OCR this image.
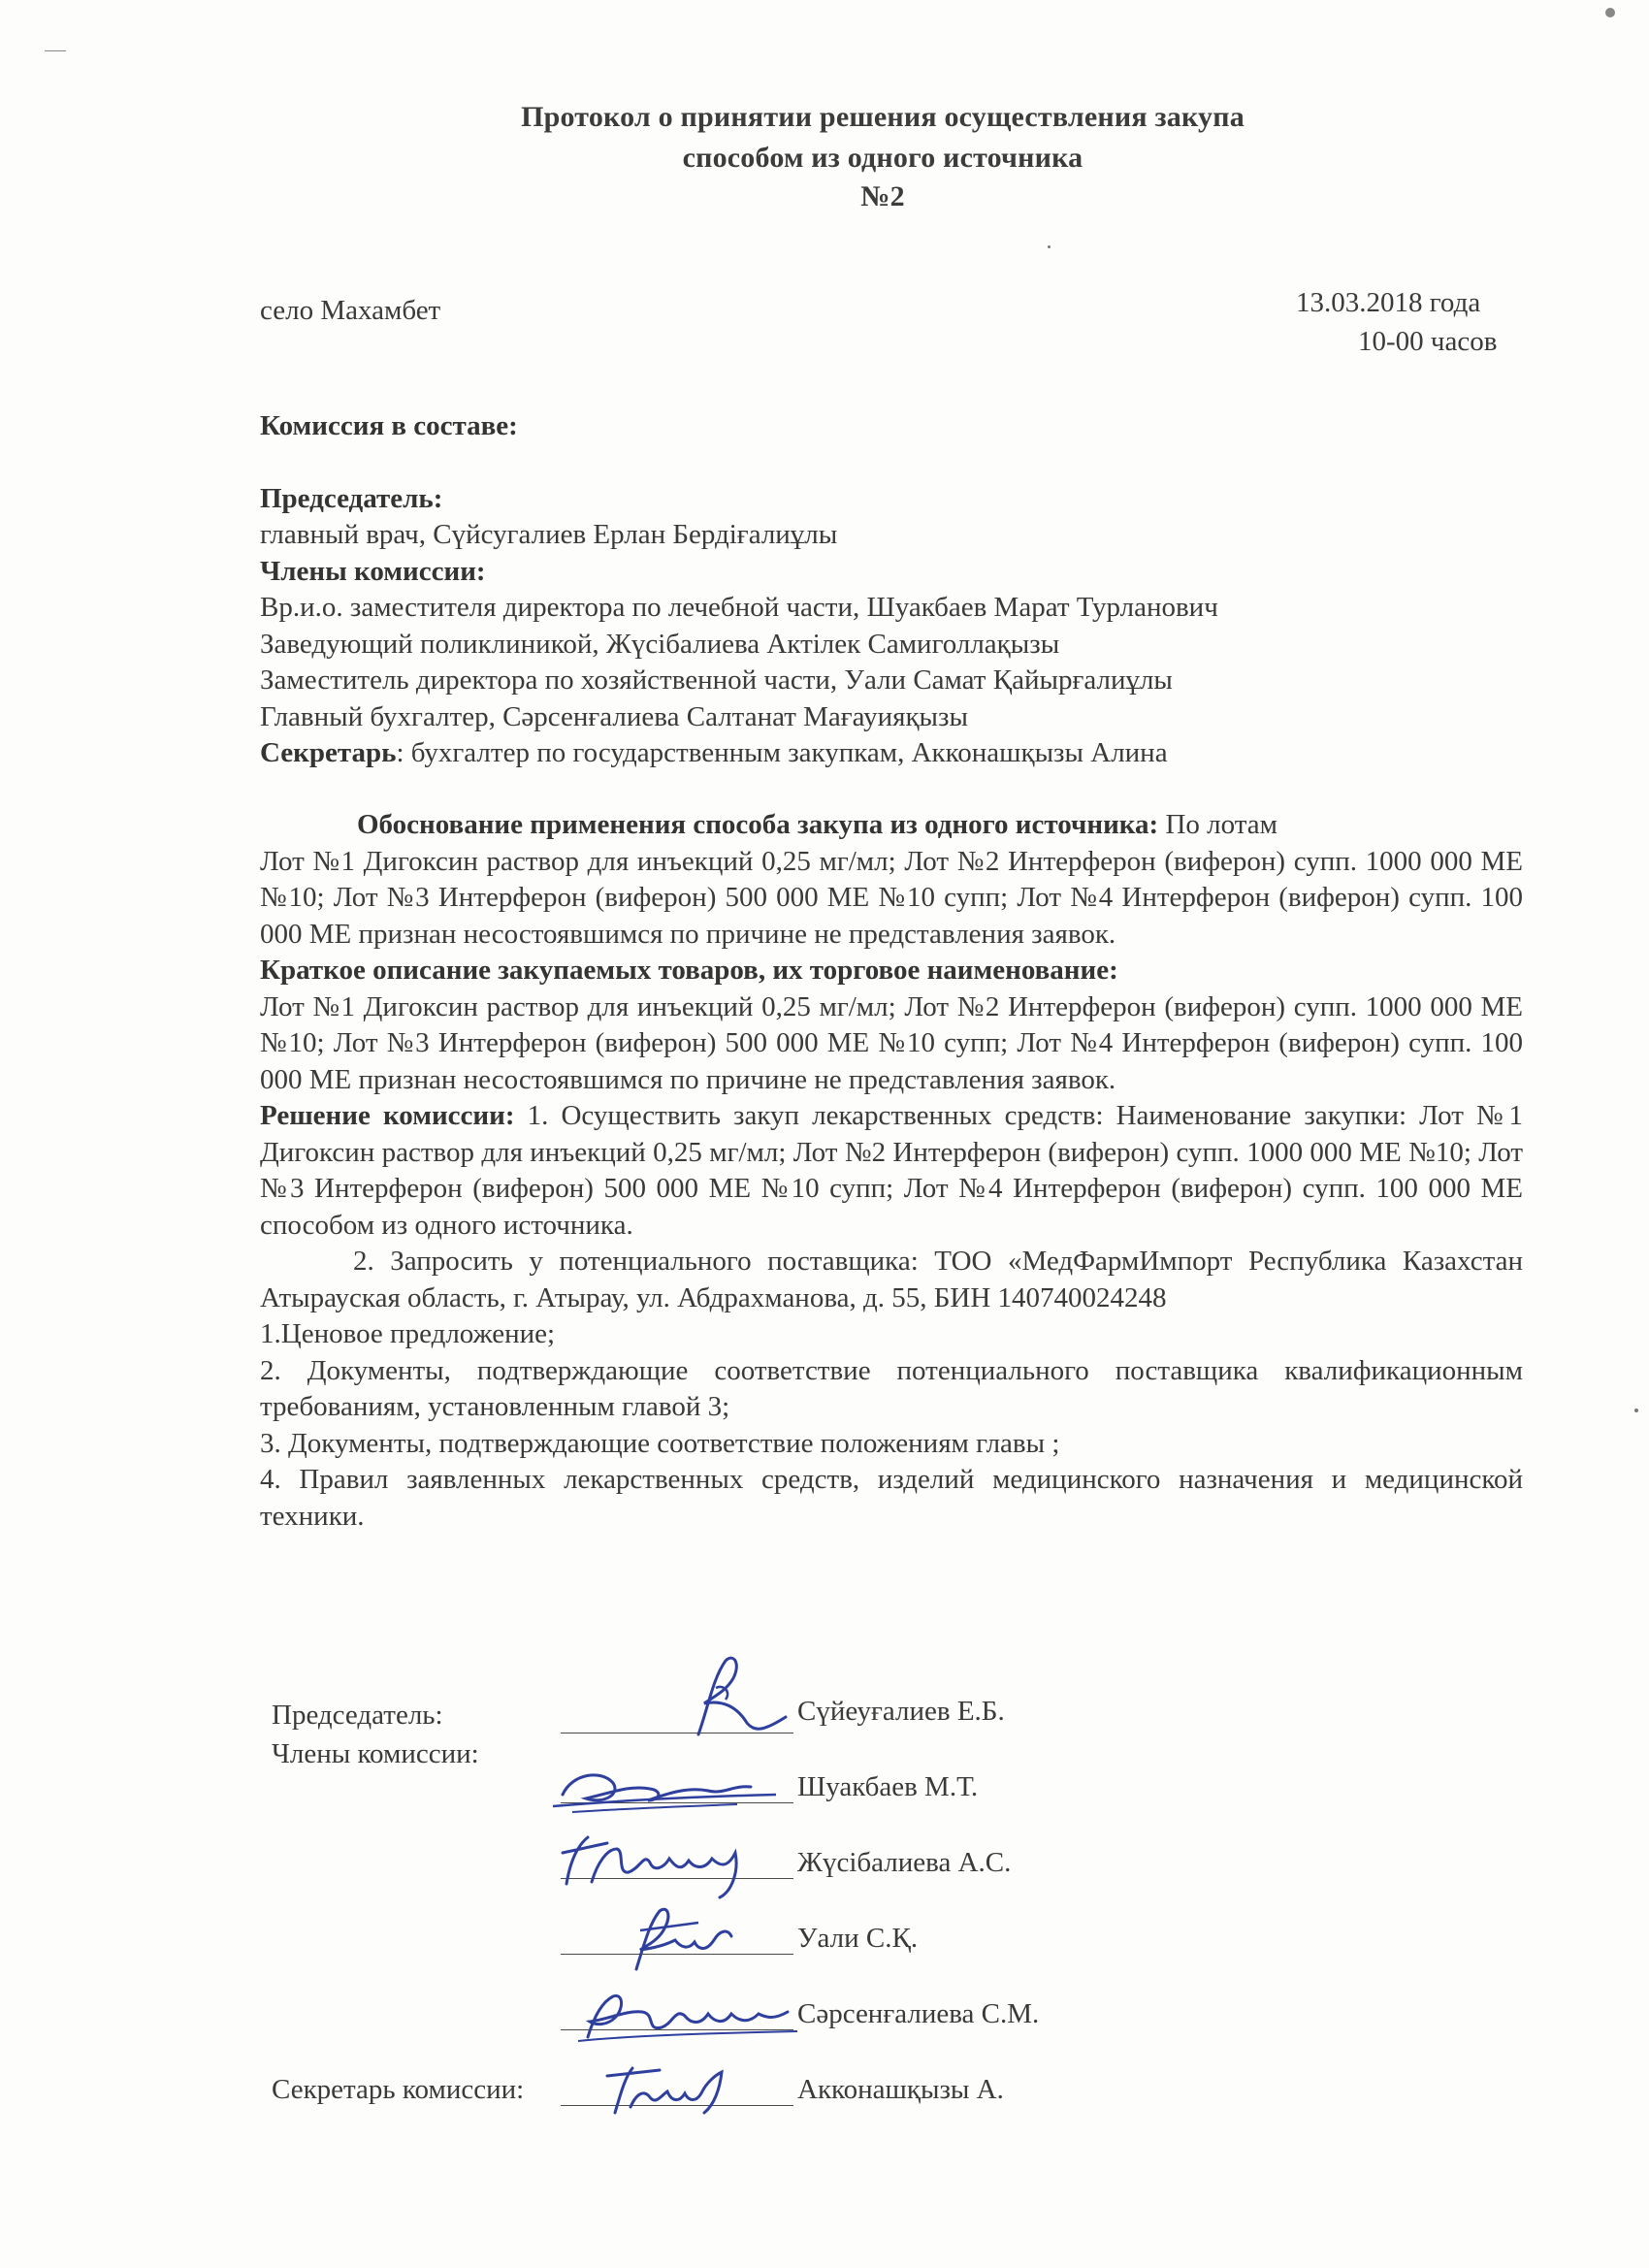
Протокол о принятии решения осуществления закупа
способом из одного источника
№2
село Махамбет	13.03.2018 года
10-00 часов

Комиссия в составе:

Председатель:

главный врач, Сүйсугалиев Ерлан Бердіғалиұлы

Члены комиссии:

Вр.и.о. заместителя директора по лечебной части, Шуакбаев Марат Турланович

Заведующий поликлиникой, Жүсібалиева Актілек Самиголлақызы

Заместитель директора по хозяйственной части, Уали Самат Қайырғалиұлы

Главный бухгалтер, Сәрсенғалиева Салтанат Мағауияқызы

Секретарь: бухгалтер по государственным закупкам, Акконашқызы Алина

Обоснование применения способа закупа из одного источника: По лотам

Лот №1 Дигоксин раствор для инъекций 0,25 мг/мл; Лот №2 Интерферон (виферон) супп. 1000 000 МЕ №10; Лот №3 Интерферон (виферон) 500 000 МЕ №10 супп; Лот №4 Интерферон (виферон) супп. 100 000 МЕ признан несостоявшимся по причине не представления заявок.

Краткое описание закупаемых товаров, их торговое наименование:

Лот №1 Дигоксин раствор для инъекций 0,25 мг/мл; Лот №2 Интерферон (виферон) супп. 1000 000 МЕ №10; Лот №3 Интерферон (виферон) 500 000 МЕ №10 супп; Лот №4 Интерферон (виферон) супп. 100 000 МЕ признан несостоявшимся по причине не представления заявок.

Решение комиссии: 1. Осуществить закуп лекарственных средств: Наименование закупки: Лот №1 Дигоксин раствор для инъекций 0,25 мг/мл; Лот №2 Интерферон (виферон) супп. 1000 000 МЕ №10; Лот №3 Интерферон (виферон) 500 000 МЕ №10 супп; Лот №4 Интерферон (виферон) супп. 100 000 МЕ способом из одного источника.

2. Запросить у потенциального поставщика: ТОО «МедФармИмпорт Республика Казахстан Атырауская область, г. Атырау, ул. Абдрахманова, д. 55, БИН 140740024248

1.Ценовое предложение;

2. Документы, подтверждающие соответствие потенциального поставщика квалификационным требованиям, установленным главой 3;

3. Документы, подтверждающие соответствие положениям главы ;

4. Правил заявленных лекарственных средств, изделий медицинского назначения и медицинской техники.

Председатель:
Члены комиссии:
Секретарь комиссии:
Сүйеуғалиев Е.Б.
Шуакбаев М.Т.
Жүсібалиева А.С.
Уали С.Қ.
Сәрсенғалиева С.М.
Акконашқызы А.
